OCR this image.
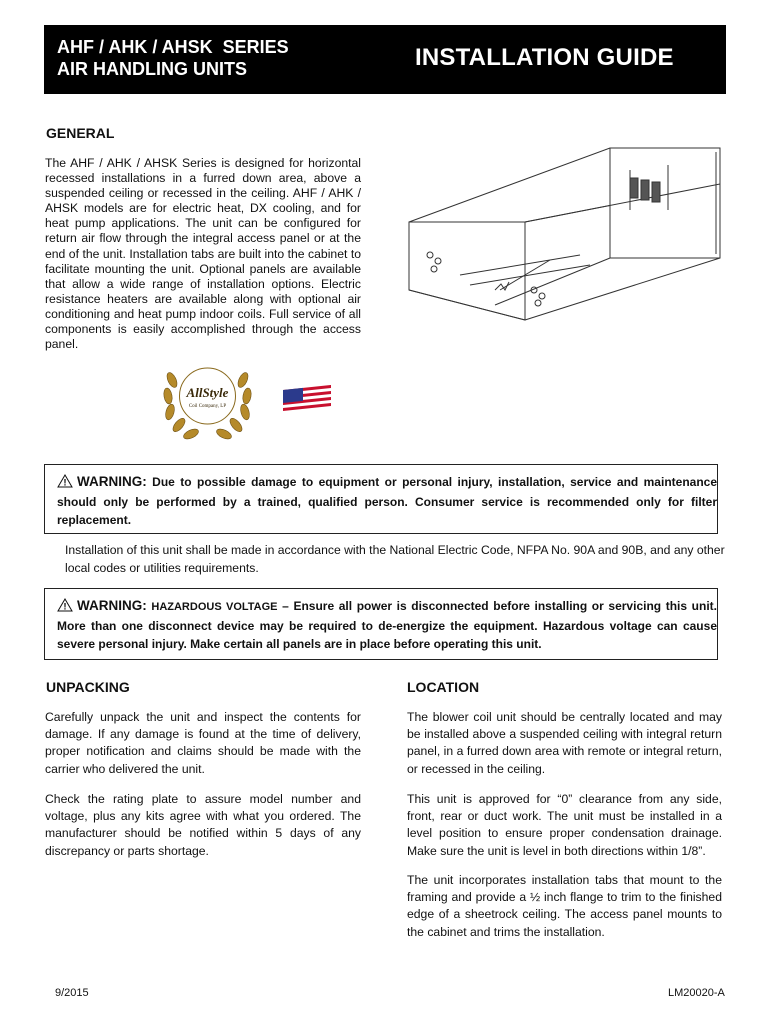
AHF / AHK / AHSK  SERIES
AIR HANDLING UNITS	INSTALLATION GUIDE
GENERAL

The AHF / AHK / AHSK Series is designed for horizontal recessed installations in a furred down area, above a suspended ceiling or recessed in the ceiling. AHF / AHK / AHSK models are for electric heat, DX cooling, and for heat pump applications. The unit can be configured for return air flow through the integral access panel or at the end of the unit. Installation tabs are built into the cabinet to facilitate mounting the unit. Optional panels are available that allow a wide range of installation options. Electric resistance heaters are available along with optional air conditioning and heat pump indoor coils. Full service of all components is easily accomplished through the access panel.

AllStyle
Coil Company, LP
! WARNING: Due to possible damage to equipment or personal injury, installation, service and maintenance should only be performed by a trained, qualified person. Consumer service is recommended only for filter replacement.

Installation of this unit shall be made in accordance with the National Electric Code, NFPA No. 90A and 90B, and any other local codes or utilities requirements.

! WARNING: HAZARDOUS VOLTAGE – Ensure all power is disconnected before installing or servicing this unit. More than one disconnect device may be required to de-energize the equipment. Hazardous voltage can cause severe personal injury. Make certain all panels are in place before operating this unit.
UNPACKING

Carefully unpack the unit and inspect the contents for damage. If any damage is found at the time of delivery, proper notification and claims should be made with the carrier who delivered the unit.

Check the rating plate to assure model number and voltage, plus any kits agree with what you ordered. The manufacturer should be notified within 5 days of any discrepancy or parts shortage.

LOCATION

The blower coil unit should be centrally located and may be installed above a suspended ceiling with integral return panel, in a furred down area with remote or integral return, or recessed in the ceiling.

This unit is approved for “0” clearance from any side, front, rear or duct work. The unit must be installed in a level position to ensure proper condensation drainage. Make sure the unit is level in both directions within 1/8”.

The unit incorporates installation tabs that mount to the framing and provide a ½ inch flange to trim to the finished edge of a sheetrock ceiling. The access panel mounts to the cabinet and trims the installation.

9/2015	LM20020-A
